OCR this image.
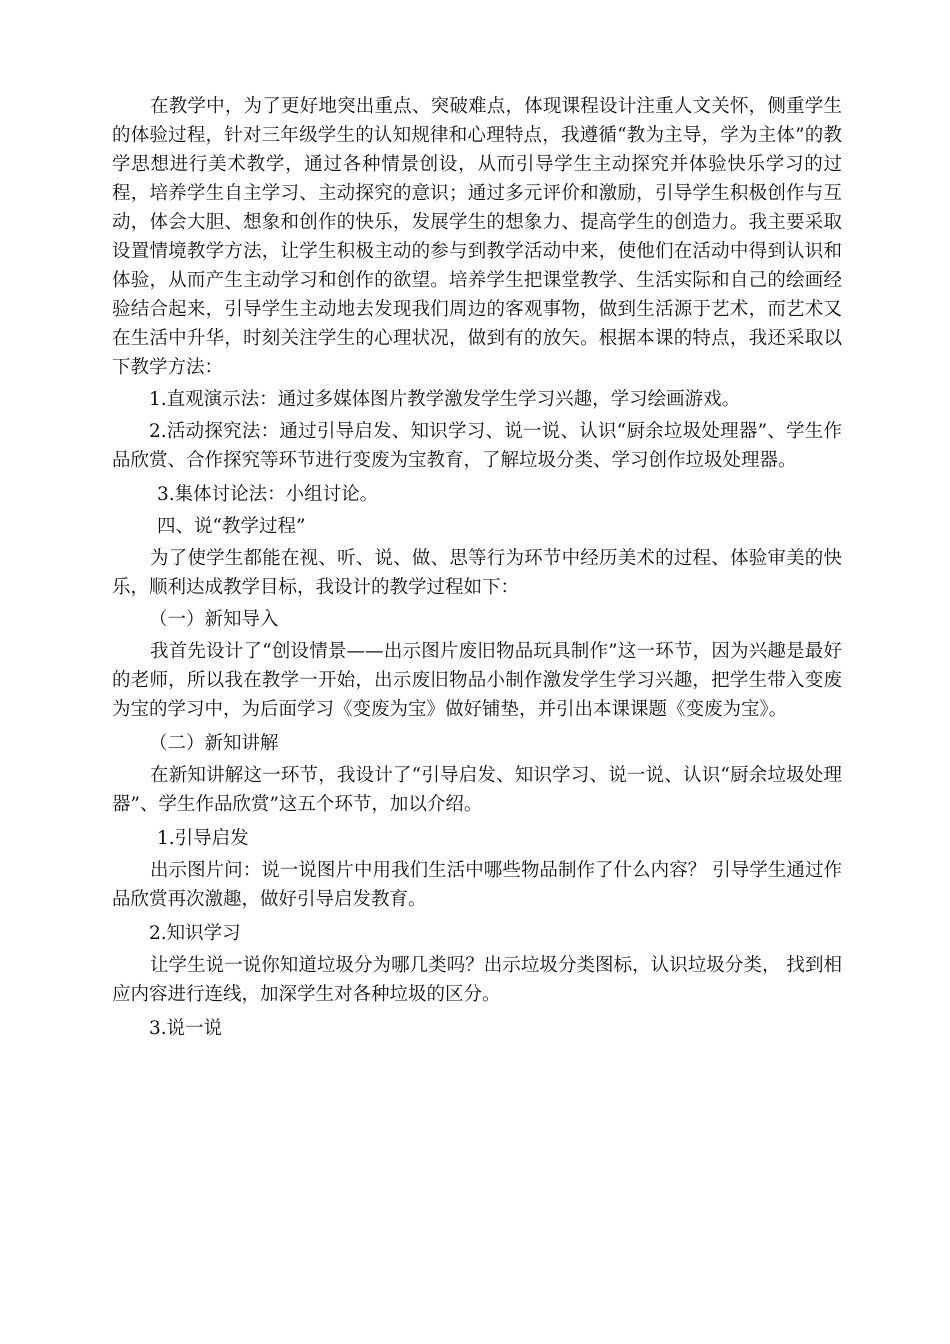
在教学中，为了更好地突出重点、突破难点，体现课程设计注重人文关怀，侧重学生的体验过程，针对三年级学生的认知规律和心理特点，我遵循“教为主导，学为主体”的教学思想进行美术教学，通过各种情景创设，从而引导学生主动探究并体验快乐学习的过程，培养学生自主学习、主动探究的意识；通过多元评价和激励，引导学生积极创作与互动，体会大胆、想象和创作的快乐，发展学生的想象力、提高学生的创造力。我主要采取设置情境教学方法，让学生积极主动的参与到教学活动中来，使他们在活动中得到认识和体验，从而产生主动学习和创作的欲望。培养学生把课堂教学、生活实际和自己的绘画经验结合起来，引导学生主动地去发现我们周边的客观事物，做到生活源于艺术，而艺术又在生活中升华，时刻关注学生的心理状况，做到有的放矢。根据本课的特点，我还采取以下教学方法：

1.直观演示法：通过多媒体图片教学激发学生学习兴趣，学习绘画游戏。

2.活动探究法：通过引导启发、知识学习、说一说、认识“厨余垃圾处理器”、学生作品欣赏、合作探究等环节进行变废为宝教育，了解垃圾分类、学习创作垃圾处理器。

3.集体讨论法：小组讨论。

四、说“教学过程”

为了使学生都能在视、听、说、做、思等行为环节中经历美术的过程、体验审美的快乐，顺利达成教学目标，我设计的教学过程如下：

（一）新知导入

我首先设计了“创设情景——出示图片废旧物品玩具制作”这一环节，因为兴趣是最好的老师，所以我在教学一开始，出示废旧物品小制作激发学生学习兴趣，把学生带入变废为宝的学习中，为后面学习《变废为宝》做好铺垫，并引出本课课题《变废为宝》。

（二）新知讲解

在新知讲解这一环节，我设计了“引导启发、知识学习、说一说、认识“厨余垃圾处理器”、学生作品欣赏”这五个环节，加以介绍。

1.引导启发

出示图片问：说一说图片中用我们生活中哪些物品制作了什么内容？ 引导学生通过作品欣赏再次激趣，做好引导启发教育。

2.知识学习

让学生说一说你知道垃圾分为哪几类吗？出示垃圾分类图标，认识垃圾分类， 找到相应内容进行连线，加深学生对各种垃圾的区分。

3.说一说
